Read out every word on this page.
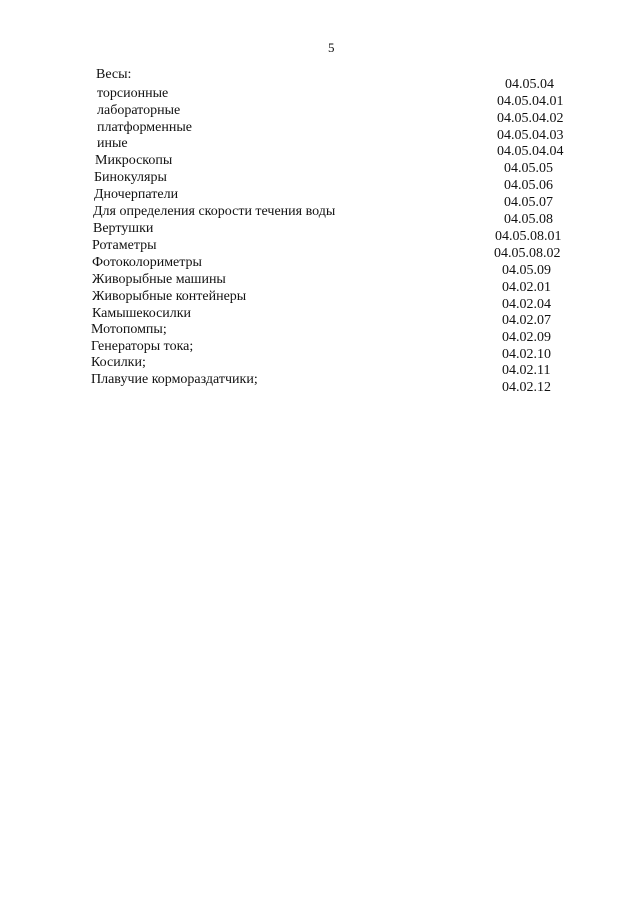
5
Весы:
04.05.04
торсионные
04.05.04.01
лабораторные
04.05.04.02
платформенные
04.05.04.03
иные
04.05.04.04
Микроскопы
04.05.05
Бинокуляры
04.05.06
Дночерпатели
04.05.07
Для определения скорости течения воды
04.05.08
Вертушки
04.05.08.01
Ротаметры
04.05.08.02
Фотоколориметры
04.05.09
Живорыбные машины
04.02.01
Живорыбные контейнеры
04.02.04
Камышекосилки	04.02.07
Мотопомпы;
04.02.09
Генераторы тока;
04.02.10
Косилки;
04.02.11
Плавучие кормораздатчики;
04.02.12
